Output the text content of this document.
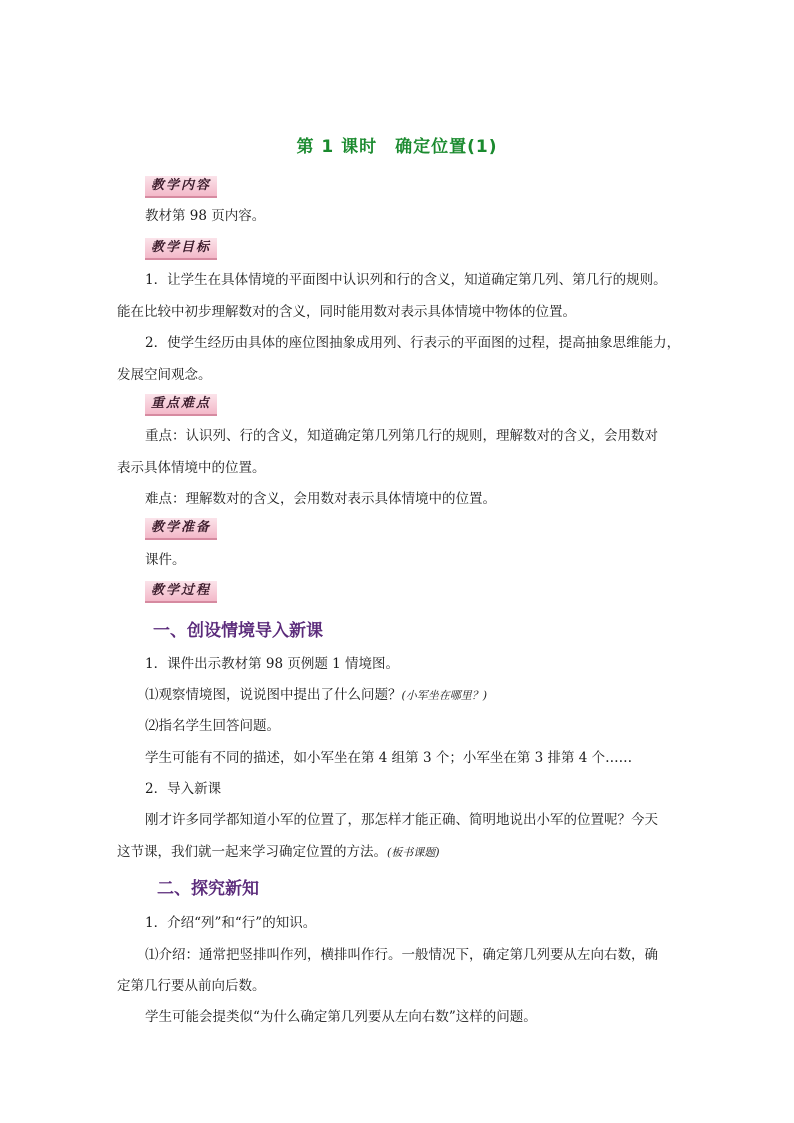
第 1 课时　确定位置(1)
教学内容
教材第 98 页内容。
教学目标
1．让学生在具体情境的平面图中认识列和行的含义，知道确定第几列、第几行的规则。
能在比较中初步理解数对的含义，同时能用数对表示具体情境中物体的位置。
2．使学生经历由具体的座位图抽象成用列、行表示的平面图的过程，提高抽象思维能力，
发展空间观念。
重点难点
重点：认识列、行的含义，知道确定第几列第几行的规则，理解数对的含义，会用数对
表示具体情境中的位置。
难点：理解数对的含义，会用数对表示具体情境中的位置。
教学准备
课件。
教学过程
一、创设情境导入新课
1．课件出示教材第 98 页例题 1 情境图。
⑴观察情境图，说说图中提出了什么问题？(小军坐在哪里？)
⑵指名学生回答问题。
学生可能有不同的描述，如小军坐在第 4 组第 3 个；小军坐在第 3 排第 4 个……
2．导入新课
刚才许多同学都知道小军的位置了，那怎样才能正确、简明地说出小军的位置呢？今天
这节课，我们就一起来学习确定位置的方法。(板书课题)
二、探究新知
1．介绍“列”和“行”的知识。
⑴介绍：通常把竖排叫作列，横排叫作行。一般情况下，确定第几列要从左向右数，确
定第几行要从前向后数。
学生可能会提类似“为什么确定第几列要从左向右数”这样的问题。
